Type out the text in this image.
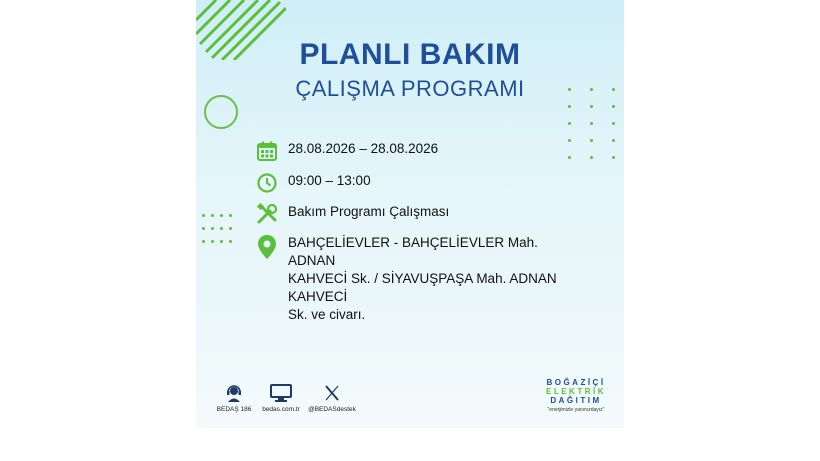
PLANLI BAKIM
ÇALIŞMA PROGRAMI
28.08.2026 – 28.08.2026
09:00 – 13:00
Bakım Programı Çalışması
BAHÇELİEVLER - BAHÇELİEVLER Mah. ADNAN
KAHVECİ Sk. / SİYAVUŞPAŞA Mah. ADNAN KAHVECİ
Sk. ve civarı.
BEDAŞ 186	bedas.com.tr	@BEDASdestek
BOĞAZİÇİ
ELEKTRİK
DAĞITIM
"enerjimizle yanınızdayız"
